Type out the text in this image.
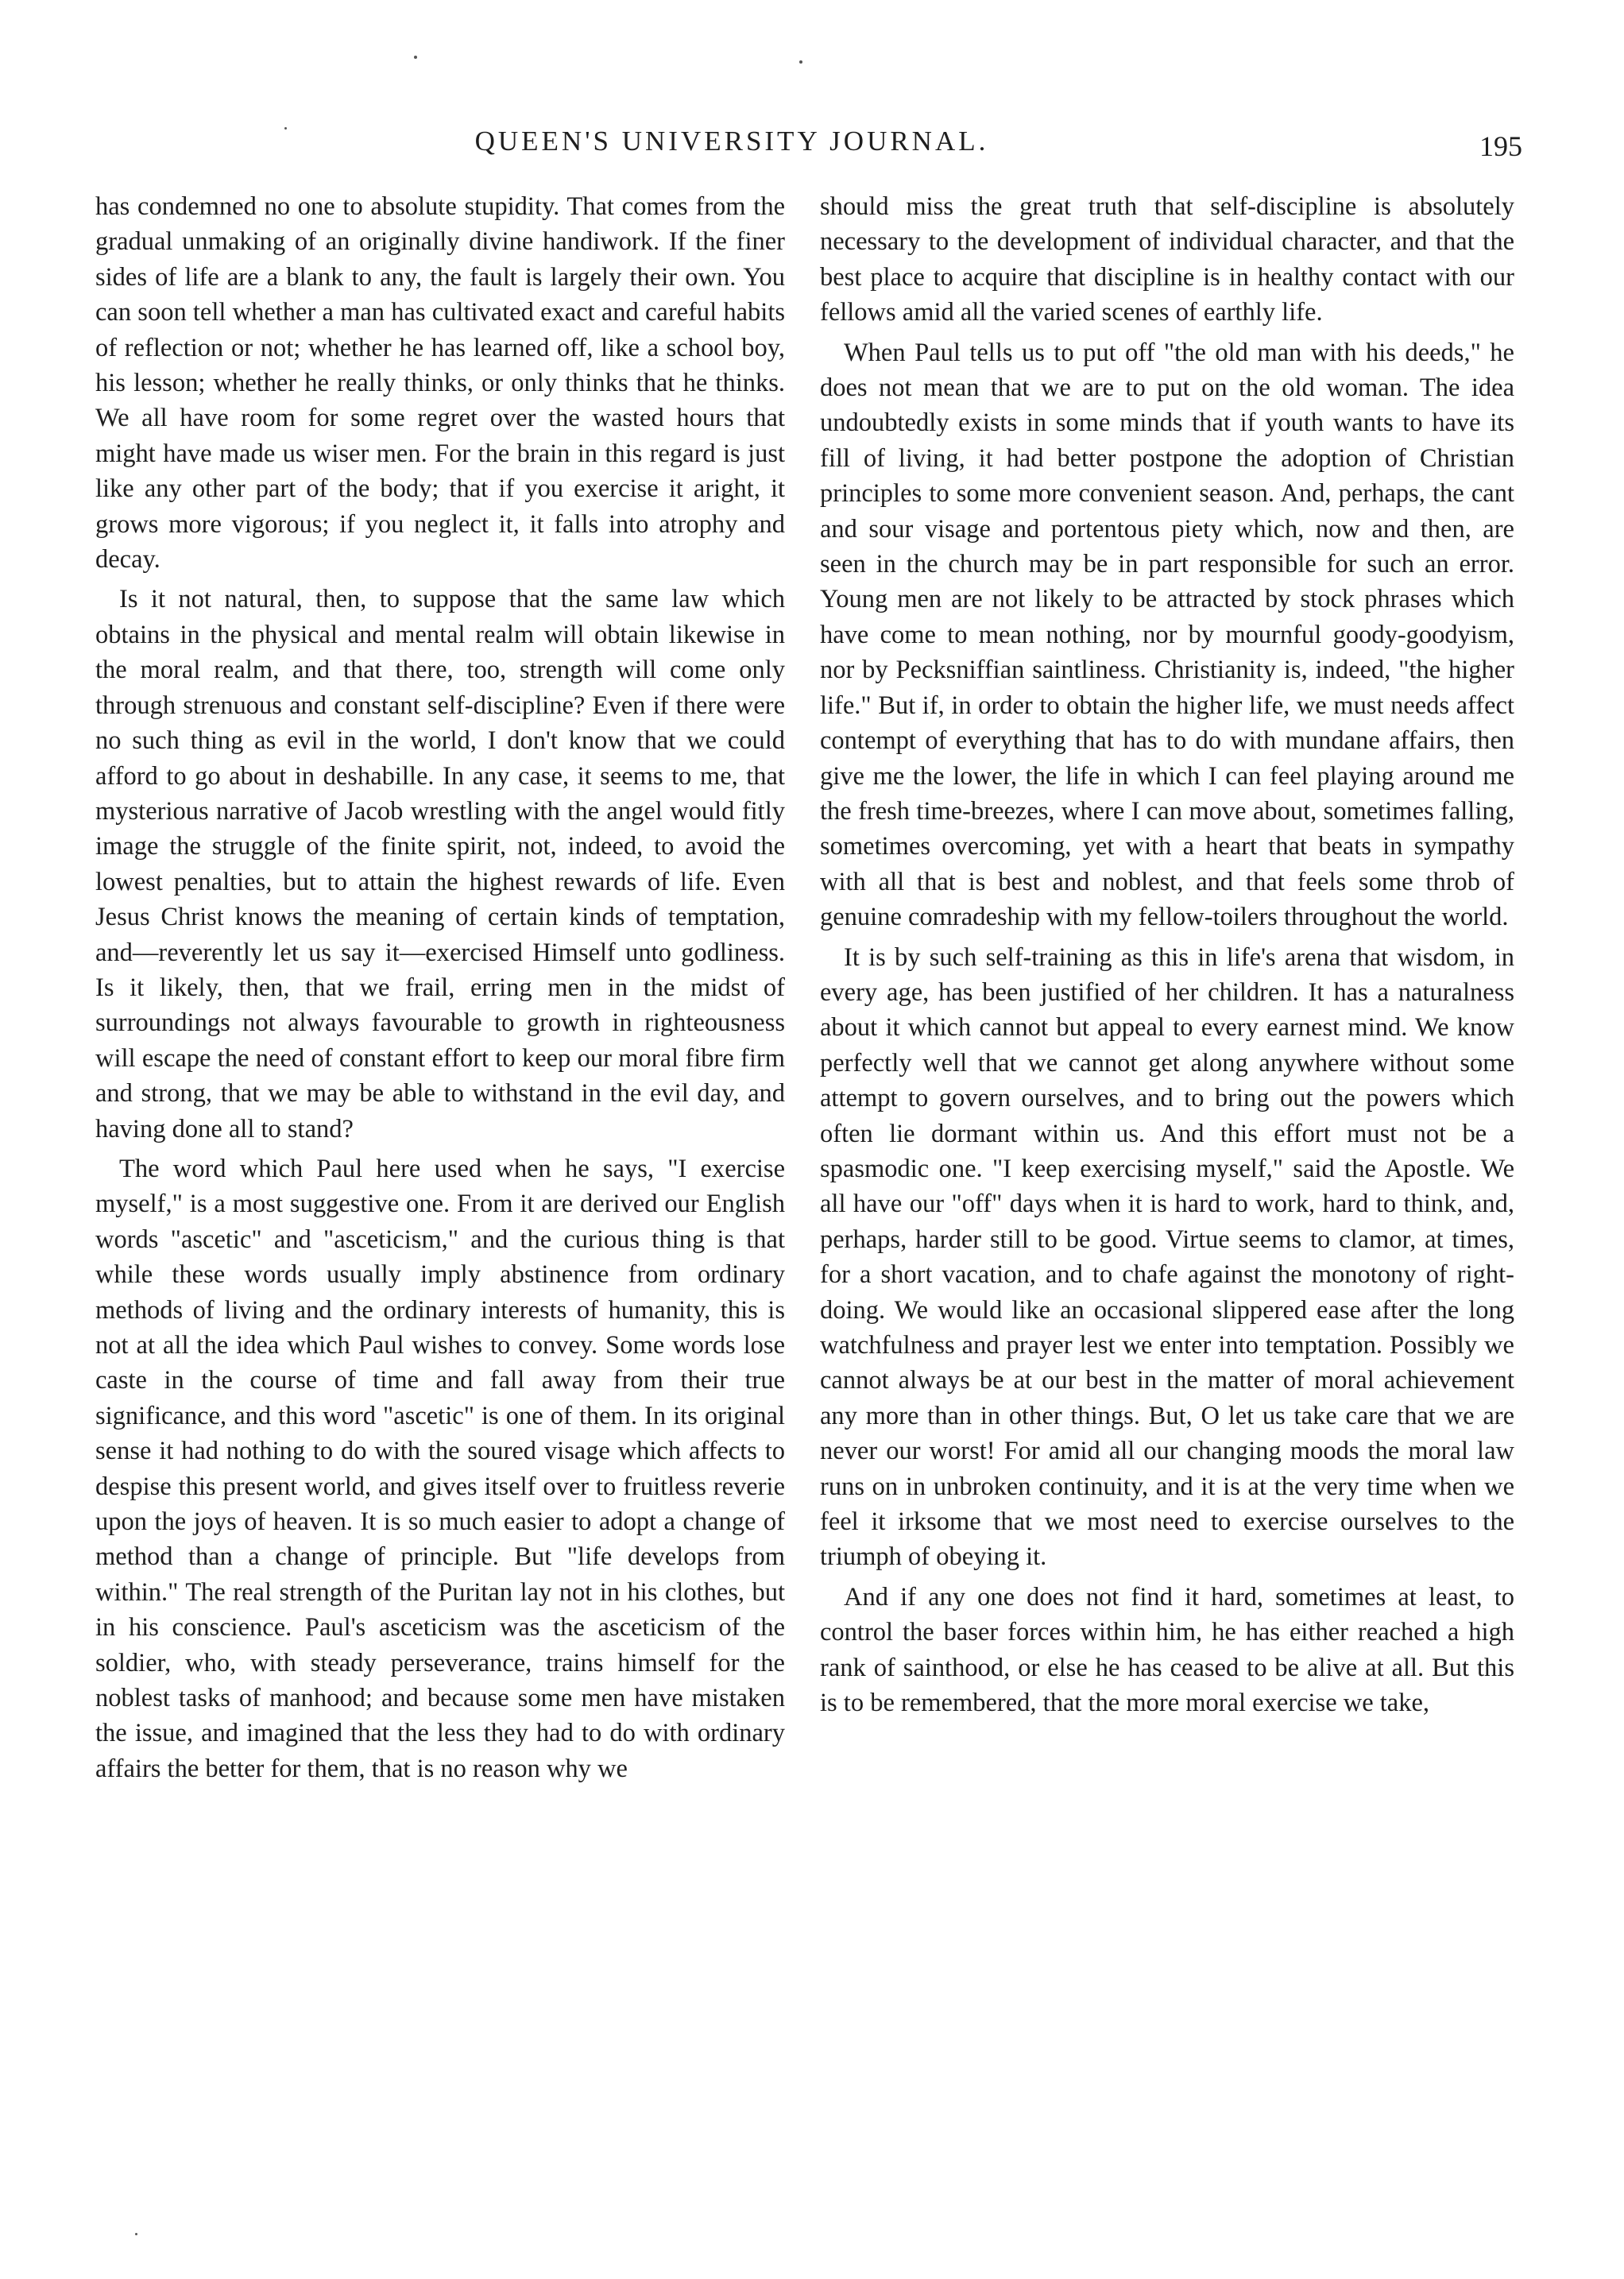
QUEEN'S UNIVERSITY JOURNAL.	195

has condemned no one to absolute stupidity. That comes from the gradual unmaking of an originally divine handiwork. If the finer sides of life are a blank to any, the fault is largely their own. You can soon tell whether a man has cultivated exact and careful habits of reflection or not; whether he has learned off, like a school boy, his lesson; whether he really thinks, or only thinks that he thinks. We all have room for some regret over the wasted hours that might have made us wiser men. For the brain in this regard is just like any other part of the body; that if you exercise it aright, it grows more vigorous; if you neglect it, it falls into atrophy and decay.

Is it not natural, then, to suppose that the same law which obtains in the physical and mental realm will obtain likewise in the moral realm, and that there, too, strength will come only through strenuous and constant self-discipline? Even if there were no such thing as evil in the world, I don't know that we could afford to go about in deshabille. In any case, it seems to me, that mysterious narrative of Jacob wrestling with the angel would fitly image the struggle of the finite spirit, not, indeed, to avoid the lowest penalties, but to attain the highest rewards of life. Even Jesus Christ knows the meaning of certain kinds of temptation, and—reverently let us say it—exercised Himself unto godliness. Is it likely, then, that we frail, erring men in the midst of surroundings not always favourable to growth in righteousness will escape the need of constant effort to keep our moral fibre firm and strong, that we may be able to withstand in the evil day, and having done all to stand?

The word which Paul here used when he says, "I exercise myself," is a most suggestive one. From it are derived our English words "ascetic" and "asceticism," and the curious thing is that while these words usually imply abstinence from ordinary methods of living and the ordinary interests of humanity, this is not at all the idea which Paul wishes to convey. Some words lose caste in the course of time and fall away from their true significance, and this word "ascetic" is one of them. In its original sense it had nothing to do with the soured visage which affects to despise this present world, and gives itself over to fruitless reverie upon the joys of heaven. It is so much easier to adopt a change of method than a change of principle. But "life develops from within." The real strength of the Puritan lay not in his clothes, but in his conscience. Paul's asceticism was the asceticism of the soldier, who, with steady perseverance, trains himself for the noblest tasks of manhood; and because some men have mistaken the issue, and imagined that the less they had to do with ordinary affairs the better for them, that is no reason why we

should miss the great truth that self-discipline is absolutely necessary to the development of individual character, and that the best place to acquire that discipline is in healthy contact with our fellows amid all the varied scenes of earthly life.

When Paul tells us to put off "the old man with his deeds," he does not mean that we are to put on the old woman. The idea undoubtedly exists in some minds that if youth wants to have its fill of living, it had better postpone the adoption of Christian principles to some more convenient season. And, perhaps, the cant and sour visage and portentous piety which, now and then, are seen in the church may be in part responsible for such an error. Young men are not likely to be attracted by stock phrases which have come to mean nothing, nor by mournful goody-goodyism, nor by Pecksniffian saintliness. Christianity is, indeed, "the higher life." But if, in order to obtain the higher life, we must needs affect contempt of everything that has to do with mundane affairs, then give me the lower, the life in which I can feel playing around me the fresh time-breezes, where I can move about, sometimes falling, sometimes overcoming, yet with a heart that beats in sympathy with all that is best and noblest, and that feels some throb of genuine comradeship with my fellow-toilers throughout the world.

It is by such self-training as this in life's arena that wisdom, in every age, has been justified of her children. It has a naturalness about it which cannot but appeal to every earnest mind. We know perfectly well that we cannot get along anywhere without some attempt to govern ourselves, and to bring out the powers which often lie dormant within us. And this effort must not be a spasmodic one. "I keep exercising myself," said the Apostle. We all have our "off" days when it is hard to work, hard to think, and, perhaps, harder still to be good. Virtue seems to clamor, at times, for a short vacation, and to chafe against the monotony of right-doing. We would like an occasional slippered ease after the long watchfulness and prayer lest we enter into temptation. Possibly we cannot always be at our best in the matter of moral achievement any more than in other things. But, O let us take care that we are never our worst! For amid all our changing moods the moral law runs on in unbroken continuity, and it is at the very time when we feel it irksome that we most need to exercise ourselves to the triumph of obeying it.

And if any one does not find it hard, sometimes at least, to control the baser forces within him, he has either reached a high rank of sainthood, or else he has ceased to be alive at all. But this is to be remembered, that the more moral exercise we take,
